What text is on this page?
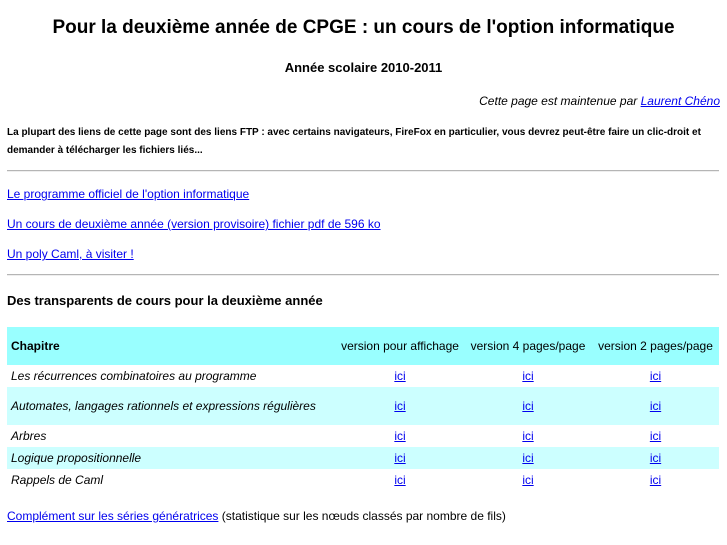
Pour la deuxième année de CPGE : un cours de l'option informatique
Année scolaire 2010-2011
Cette page est maintenue par Laurent Chéno
La plupart des liens de cette page sont des liens FTP : avec certains navigateurs, FireFox en particulier, vous devrez peut-être faire un clic-droit et demander à télécharger les fichiers liés...
Le programme officiel de l'option informatique
Un cours de deuxième année (version provisoire) fichier pdf de 596 ko
Un poly Caml, à visiter !
Des transparents de cours pour la deuxième année
Chapitre	version pour affichage	version 4 pages/page	version 2 pages/page
Les récurrences combinatoires au programme	ici	ici	ici
Automates, langages rationnels et expressions régulières	ici	ici	ici
Arbres	ici	ici	ici
Logique propositionnelle	ici	ici	ici
Rappels de Caml	ici	ici	ici
Complément sur les séries génératrices (statistique sur les nœuds classés par nombre de fils)
